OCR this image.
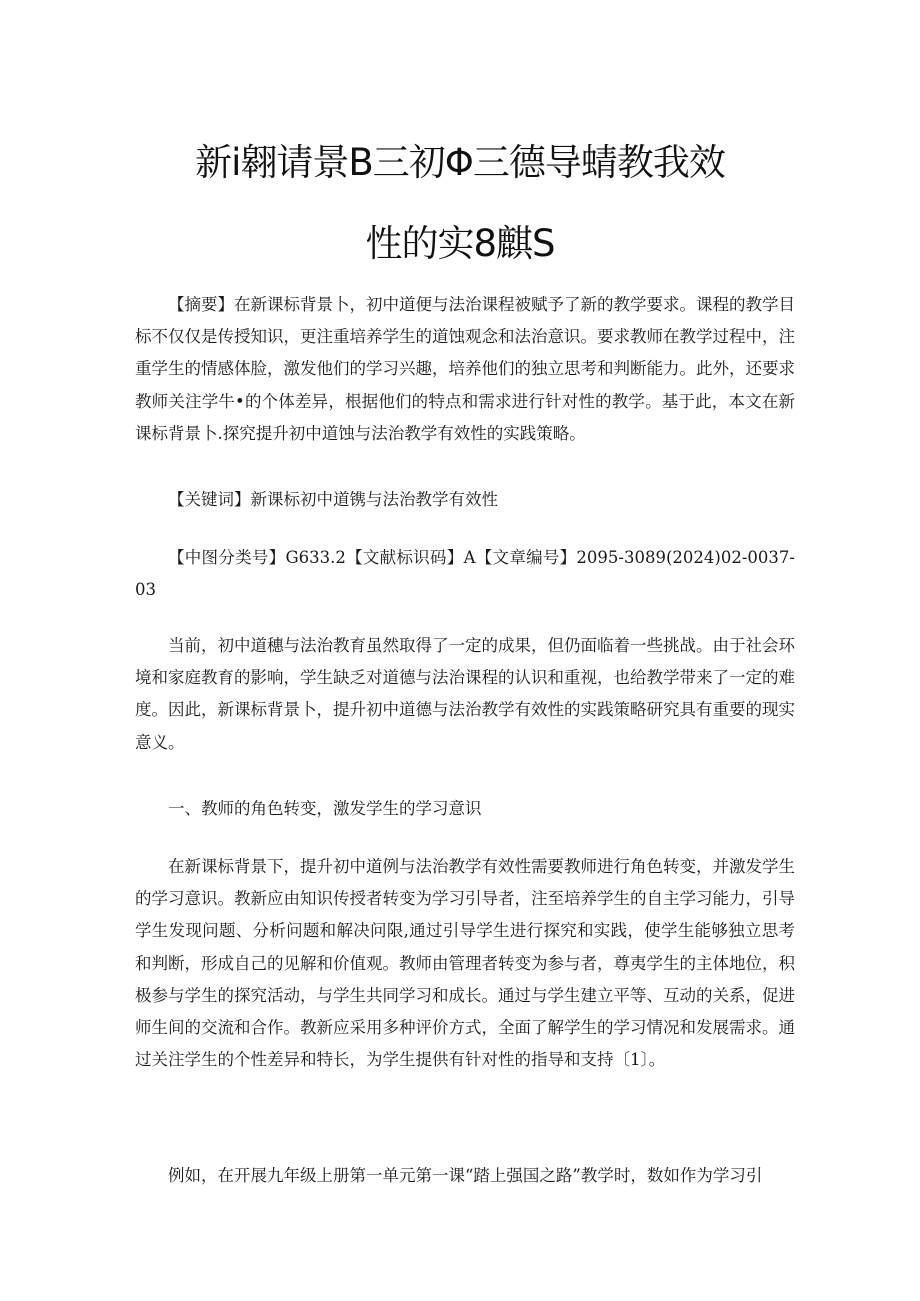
新i翱请景B三初Φ三德导蜻教我效
性的实8麒S

【摘要】在新课标背景卜，初中道便与法治课程被赋予了新的教学要求。课程的教学目标不仅仅是传授知识，更注重培养学生的道蚀观念和法治意识。要求教师在教学过程中，注重学生的情感体脸，激发他们的学习兴趣，培养他们的独立思考和判断能力。此外，还要求教师关注学牛•的个体差异，根据他们的特点和需求进行针对性的教学。基于此，本文在新课标背景卜.探究提升初中道蚀与法治教学有效性的实践策略。

【关键词】新课标初中道镌与法治教学有效性

【中图分类号】G633.2【文献标识码】A【文章编号】2095-3089(2024)02-0037-03

当前，初中道穗与法治教育虽然取得了一定的成果，但仍面临着一些挑战。由于社会环境和家庭教育的影响，学生缺乏对道德与法治课程的认识和重视，也给教学带来了一定的难度。因此，新课标背景卜，提升初中道德与法治教学有效性的实践策略研究具有重要的现实意义。

一、教师的角色转变，激发学生的学习意识

在新课标背景下，提升初中道例与法治教学有效性需要教师进行角色转变，并激发学生的学习意识。教新应由知识传授者转变为学习引导者，注至培养学生的自主学习能力，引导学生发现问题、分析问题和解决问限,通过引导学生进行探究和实践，使学生能够独立思考和判断，形成自己的见解和价值观。教师由管理者转变为参与者，尊夷学生的主体地位，积极参与学生的探究活动，与学生共同学习和成长。通过与学生建立平等、互动的关系，促进师生间的交流和合作。教新应采用多种评价方式，全面了解学生的学习情况和发展需求。通过关注学生的个性差异和特长，为学生提供有针对性的指导和支持〔1〕。

例如，在开展九年级上册第一单元第一课“踏上强国之路”教学时，数如作为学习引
